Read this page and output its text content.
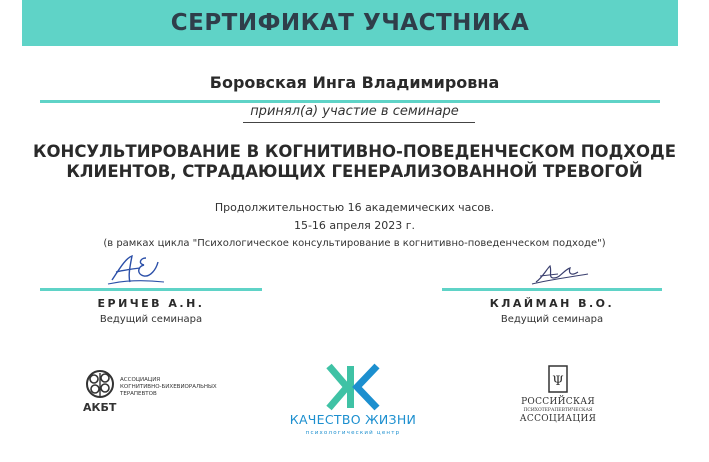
СЕРТИФИКАТ УЧАСТНИКА
Боровская Инга Владимировна
принял(а) участие в семинаре
КОНСУЛЬТИРОВАНИЕ В КОГНИТИВНО-ПОВЕДЕНЧЕСКОМ ПОДХОДЕ
КЛИЕНТОВ, СТРАДАЮЩИХ ГЕНЕРАЛИЗОВАННОЙ ТРЕВОГОЙ
Продолжительностью 16 академических часов.
15-16 апреля 2023 г.
(в рамках цикла "Психологическое консультирование в когнитивно-поведенческом подходе")
ЕРИЧЕВ А.Н.
Ведущий семинара
КЛАЙМАН В.О.
Ведущий семинара
АССОЦИАЦИЯ
КОГНИТИВНО-БИХЕВИОРАЛЬНЫХ
ТЕРАПЕВТОВ
АКБТ
КАЧЕСТВО ЖИЗНИ
психологический центр
Ψ
РОССИЙСКАЯ
ПСИХОТЕРАПЕВТИЧЕСКАЯ
АССОЦИАЦИЯ
